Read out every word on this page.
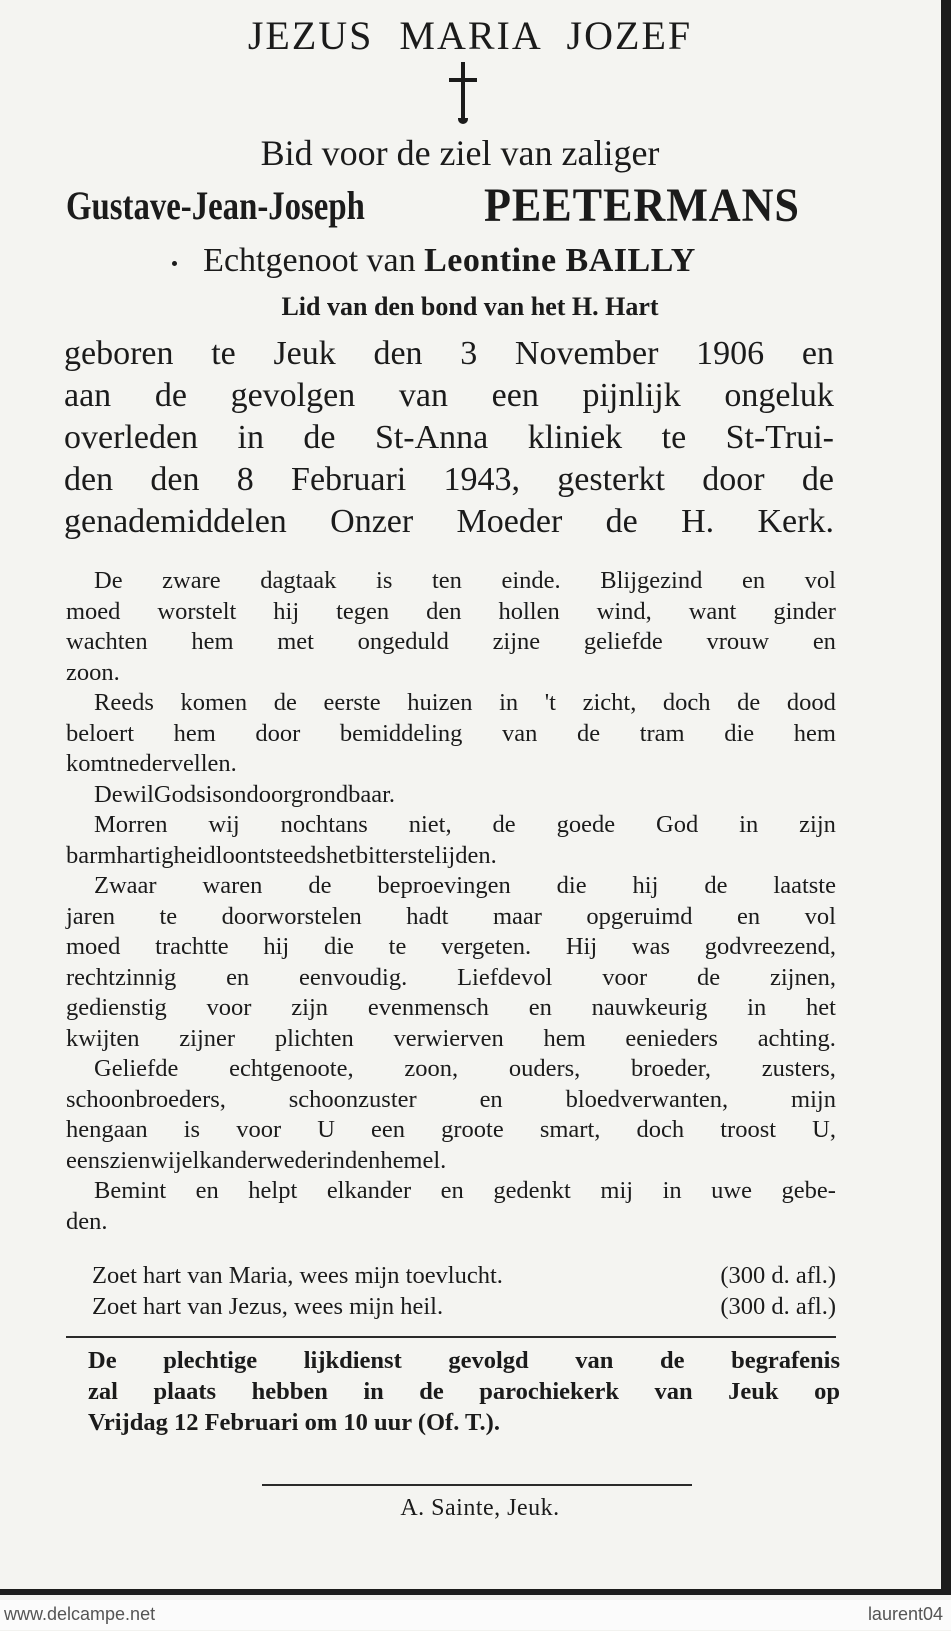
JEZUS MARIA JOZEF
Bid voor de ziel van zaliger
Gustave-Jean-Joseph PEETERMANS
Echtgenoot van Leontine BAILLY
Lid van den bond van het H. Hart
geboren te Jeuk den 3 November 1906 en
aan de gevolgen van een pijnlijk ongeluk
overleden in de St-Anna kliniek te St-Trui-
den den 8 Februari 1943, gesterkt door de
genademiddelen Onzer Moeder de H. Kerk.
De zware dagtaak is ten einde. Blijgezind en vol
moed worstelt hij tegen den hollen wind, want ginder
wachten hem met ongeduld zijne geliefde vrouw en
zoon.
Reeds komen de eerste huizen in 't zicht, doch de dood
beloert hem door bemiddeling van de tram die hem
komt nedervellen.
De wil Gods is ondoorgrondbaar.
Morren wij nochtans niet, de goede God in zijn
barmhartigheid loont steeds het bitterste lijden.
Zwaar waren de beproevingen die hij de laatste
jaren te doorworstelen hadt maar opgeruimd en vol
moed trachtte hij die te vergeten. Hij was godvreezend,
rechtzinnig en eenvoudig. Liefdevol voor de zijnen,
gedienstig voor zijn evenmensch en nauwkeurig in het
kwijten zijner plichten verwierven hem eenieders achting.
Geliefde echtgenoote, zoon, ouders, broeder, zusters,
schoonbroeders,	schoonzuster	en	bloedverwanten,	mijn
hengaan is voor U een groote smart, doch troost U,
eens zien wij elkander weder in den hemel.
Bemint en helpt elkander en gedenkt mij in uwe gebe-
den.
Zoet hart van Maria, wees mijn toevlucht.	(300 d. afl.)
Zoet hart van Jezus, wees mijn heil.	(300 d. afl.)
De plechtige lijkdienst gevolgd van de begrafenis
zal plaats hebben in de parochiekerk van Jeuk op
Vrijdag 12 Februari om 10 uur (Of. T.).
A. Sainte, Jeuk.
www.delcampe.net	laurent04
